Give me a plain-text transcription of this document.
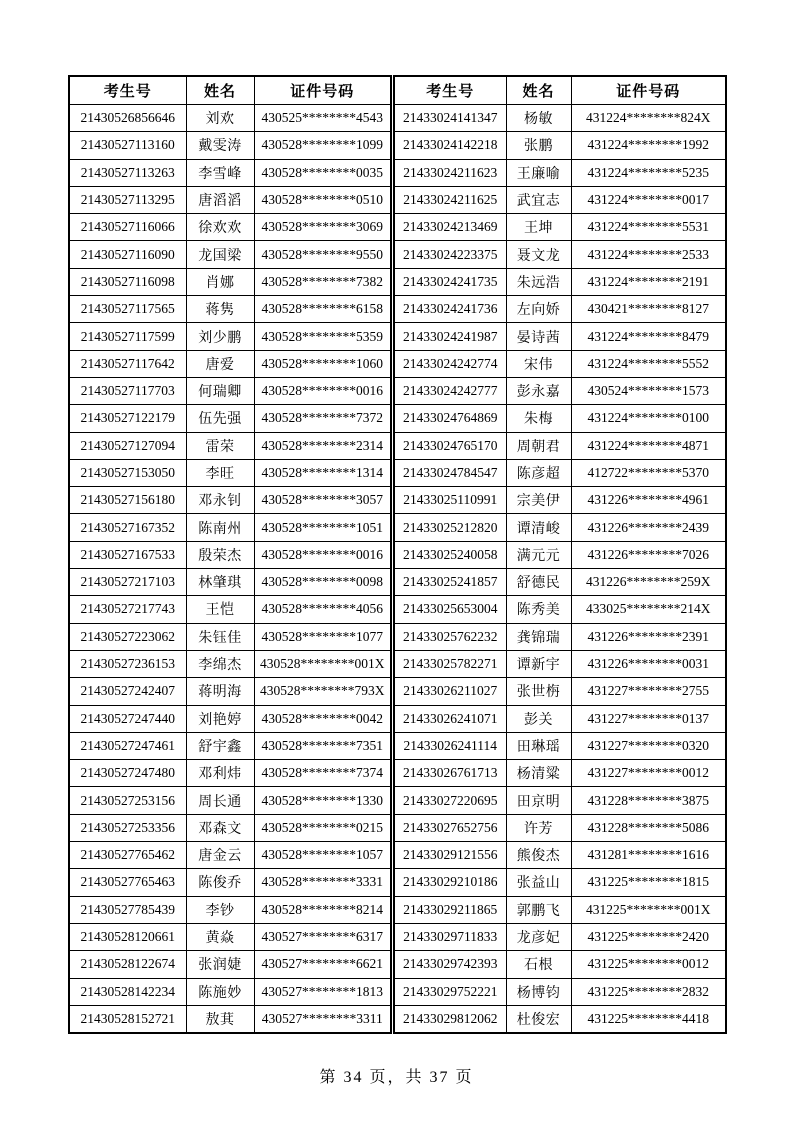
考生号	姓名	证件号码
21430526856646	刘欢	430525********4543
21430527113160	戴雯涛	430528********1099
21430527113263	李雪峰	430528********0035
21430527113295	唐滔滔	430528********0510
21430527116066	徐欢欢	430528********3069
21430527116090	龙国梁	430528********9550
21430527116098	肖娜	430528********7382
21430527117565	蒋隽	430528********6158
21430527117599	刘少鹏	430528********5359
21430527117642	唐爱	430528********1060
21430527117703	何瑞卿	430528********0016
21430527122179	伍先强	430528********7372
21430527127094	雷荣	430528********2314
21430527153050	李旺	430528********1314
21430527156180	邓永钊	430528********3057
21430527167352	陈南州	430528********1051
21430527167533	殷荣杰	430528********0016
21430527217103	林肇琪	430528********0098
21430527217743	王恺	430528********4056
21430527223062	朱钰佳	430528********1077
21430527236153	李绵杰	430528********001X
21430527242407	蒋明海	430528********793X
21430527247440	刘艳婷	430528********0042
21430527247461	舒宇鑫	430528********7351
21430527247480	邓利炜	430528********7374
21430527253156	周长通	430528********1330
21430527253356	邓森文	430528********0215
21430527765462	唐金云	430528********1057
21430527765463	陈俊乔	430528********3331
21430527785439	李钞	430528********8214
21430528120661	黄焱	430527********6317
21430528122674	张润婕	430527********6621
21430528142234	陈施妙	430527********1813
21430528152721	敖萁	430527********3311
考生号	姓名	证件号码
21433024141347	杨敏	431224********824X
21433024142218	张鹏	431224********1992
21433024211623	王廉喻	431224********5235
21433024211625	武宜志	431224********0017
21433024213469	王坤	431224********5531
21433024223375	聂文龙	431224********2533
21433024241735	朱远浩	431224********2191
21433024241736	左向娇	430421********8127
21433024241987	晏诗茜	431224********8479
21433024242774	宋伟	431224********5552
21433024242777	彭永嘉	430524********1573
21433024764869	朱梅	431224********0100
21433024765170	周朝君	431224********4871
21433024784547	陈彦超	412722********5370
21433025110991	宗美伊	431226********4961
21433025212820	谭清峻	431226********2439
21433025240058	满元元	431226********7026
21433025241857	舒德民	431226********259X
21433025653004	陈秀美	433025********214X
21433025762232	龚锦瑞	431226********2391
21433025782271	谭新宇	431226********0031
21433026211027	张世栴	431227********2755
21433026241071	彭关	431227********0137
21433026241114	田琳瑶	431227********0320
21433026761713	杨清粱	431227********0012
21433027220695	田京明	431228********3875
21433027652756	许芳	431228********5086
21433029121556	熊俊杰	431281********1616
21433029210186	张益山	431225********1815
21433029211865	郭鹏飞	431225********001X
21433029711833	龙彦妃	431225********2420
21433029742393	石根	431225********0012
21433029752221	杨博钧	431225********2832
21433029812062	杜俊宏	431225********4418
第 34 页，共 37 页
